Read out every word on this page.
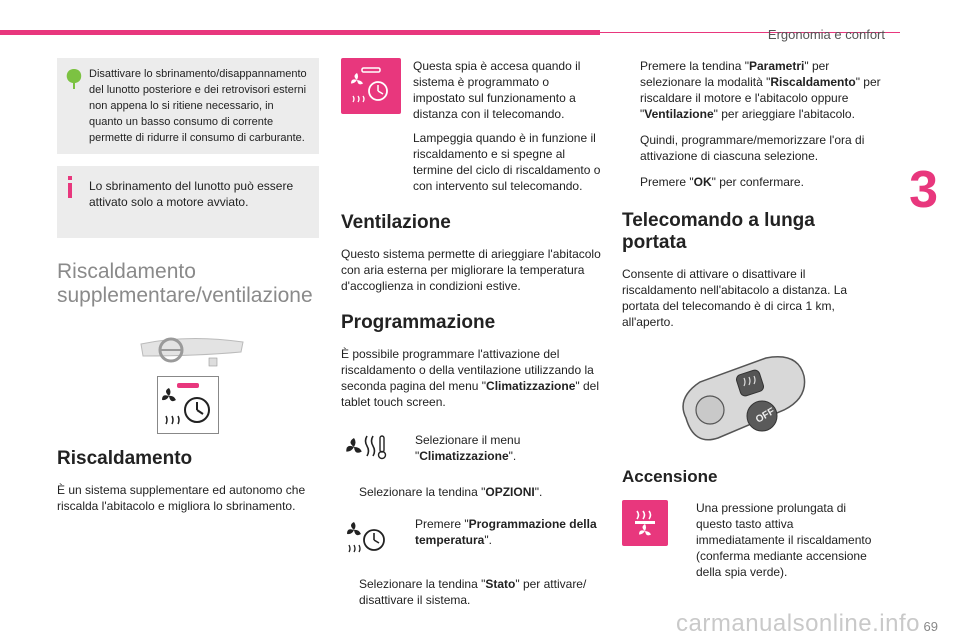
Ergonomia e confort
3
Disattivare lo sbrinamento/disappannamento del lunotto posteriore e dei retrovisori esterni non appena lo si ritiene necessario, in quanto un basso consumo di corrente permette di ridurre il consumo di carburante.
Lo sbrinamento del lunotto può essere attivato solo a motore avviato.
Riscaldamento supplementare/ventilazione
Riscaldamento

È un sistema supplementare ed autonomo che riscalda l'abitacolo e migliora lo sbrinamento.

Questa spia è accesa quando il sistema è programmato o impostato sul funzionamento a distanza con il telecomando.

Lampeggia quando è in funzione il riscaldamento e si spegne al termine del ciclo di riscaldamento o con intervento sul telecomando.

Ventilazione

Questo sistema permette di arieggiare l'abitacolo con aria esterna per migliorare la temperatura d'accoglienza in condizioni estive.

Programmazione

È possibile programmare l'attivazione del riscaldamento o della ventilazione utilizzando la seconda pagina del menu "Climatizzazione" del tablet touch screen.

Selezionare il menu "Climatizzazione".
Selezionare la tendina "OPZIONI".
Premere "Programmazione della temperatura".
Selezionare la tendina "Stato" per attivare/ disattivare il sistema.
Premere la tendina "Parametri" per selezionare la modalità "Riscaldamento" per riscaldare il motore e l'abitacolo oppure "Ventilazione" per arieggiare l'abitacolo.
Quindi, programmare/memorizzare l'ora di attivazione di ciascuna selezione.
Premere "OK" per confermare.
Telecomando a lunga portata

Consente di attivare o disattivare il riscaldamento nell'abitacolo a distanza. La portata del telecomando è di circa 1 km, all'aperto.

OFF
Accensione
Una pressione prolungata di questo tasto attiva immediatamente il riscaldamento (conferma mediante accensione della spia verde).
carmanualsonline.info 69
